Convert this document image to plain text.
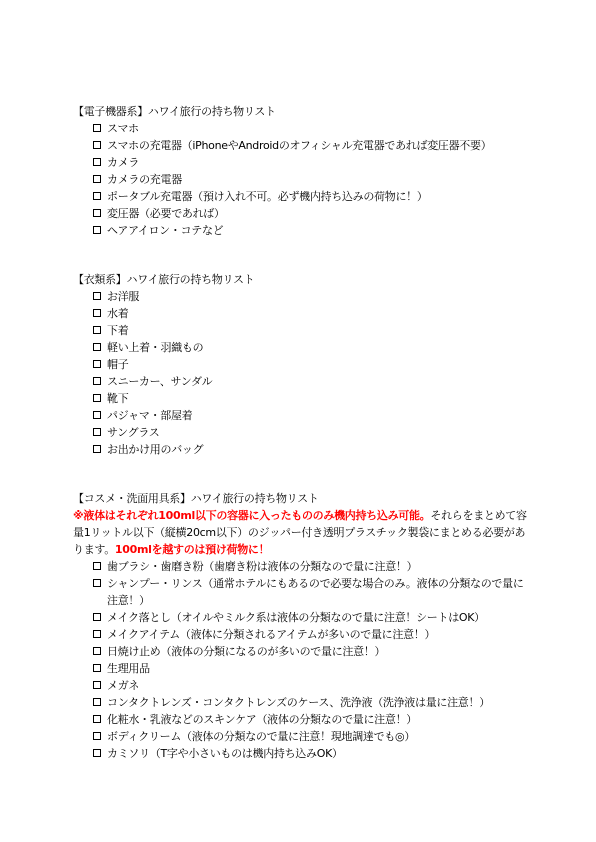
【電子機器系】ハワイ旅行の持ち物リスト
スマホ
スマホの充電器（iPhoneやAndroidのオフィシャル充電器であれば変圧器不要）
カメラ
カメラの充電器
ポータブル充電器（預け入れ不可。必ず機内持ち込みの荷物に！）
変圧器（必要であれば）
ヘアアイロン・コテなど
【衣類系】ハワイ旅行の持ち物リスト
お洋服
水着
下着
軽い上着・羽織もの
帽子
スニーカー、サンダル
靴下
パジャマ・部屋着
サングラス
お出かけ用のバッグ
【コスメ・洗面用具系】ハワイ旅行の持ち物リスト
※液体はそれぞれ100ml以下の容器に入ったもののみ機内持ち込み可能。それらをまとめて容量1リットル以下（縦横20cm以下）のジッパー付き透明プラスチック製袋にまとめる必要があります。100mlを越すのは預け荷物に！
歯ブラシ・歯磨き粉（歯磨き粉は液体の分類なので量に注意！）
シャンプー・リンス（通常ホテルにもあるので必要な場合のみ。液体の分類なので量に注意！）
メイク落とし（オイルやミルク系は液体の分類なので量に注意！シートはOK）
メイクアイテム（液体に分類されるアイテムが多いので量に注意！）
日焼け止め（液体の分類になるのが多いので量に注意！）
生理用品
メガネ
コンタクトレンズ・コンタクトレンズのケース、洗浄液（洗浄液は量に注意！）
化粧水・乳液などのスキンケア（液体の分類なので量に注意！）
ボディクリーム（液体の分類なので量に注意！現地調達でも◎）
カミソリ（T字や小さいものは機内持ち込みOK）
